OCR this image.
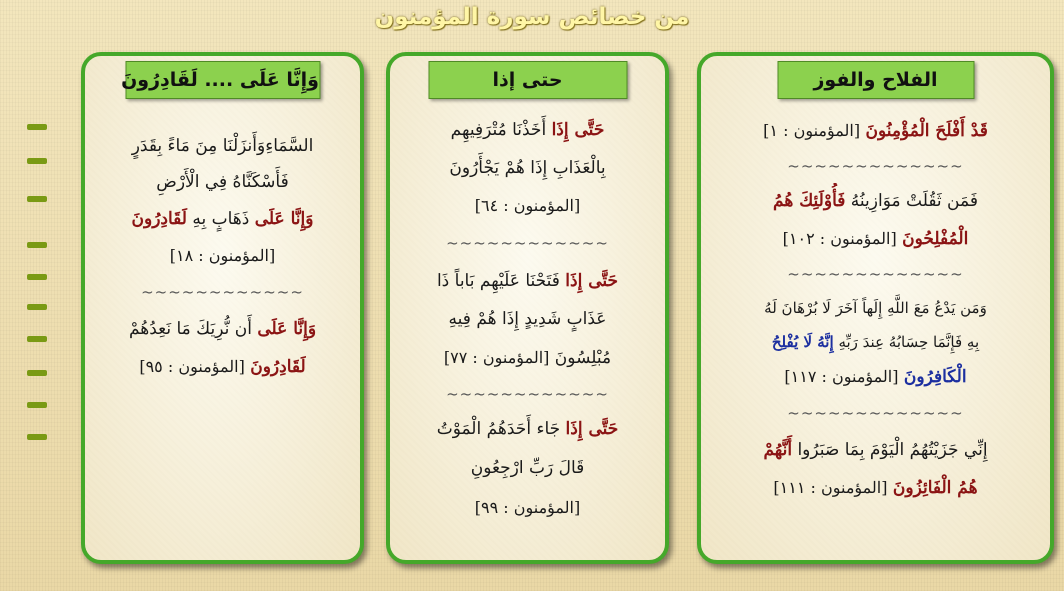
من خصائص سورة المؤمنون
الفلاح والفوز
قَدْ أَفْلَحَ الْمُؤْمِنُونَ [المؤمنون : ١]
~~~~~~~~~~~~~
فَمَن ثَقُلَتْ مَوَازِينُهُ فَأُوْلَئِكَ هُمُ
الْمُفْلِحُونَ [المؤمنون : ١٠٢]
~~~~~~~~~~~~~
وَمَن يَدْعُ مَعَ اللَّهِ إِلَهاً آخَرَ لَا بُرْهَانَ لَهُ
بِهِ فَإِنَّمَا حِسَابُهُ عِندَ رَبِّهِ إِنَّهُ لَا يُفْلِحُ
الْكَافِرُونَ [المؤمنون : ١١٧]
~~~~~~~~~~~~~
إِنِّي جَزَيْتُهُمُ الْيَوْمَ بِمَا صَبَرُوا أَنَّهُمْ
هُمُ الْفَائِزُونَ [المؤمنون : ١١١]
حتى إذا
حَتَّى إِذَا أَخَذْنَا مُتْرَفِيهِم
بِالْعَذَابِ إِذَا هُمْ يَجْأَرُونَ
[المؤمنون : ٦٤]
~~~~~~~~~~~~
حَتَّى إِذَا فَتَحْنَا عَلَيْهِم بَاباً ذَا
عَذَابٍ شَدِيدٍ إِذَا هُمْ فِيهِ
مُبْلِسُونَ [المؤمنون : ٧٧]
~~~~~~~~~~~~
حَتَّى إِذَا جَاء أَحَدَهُمُ الْمَوْتُ
قَالَ رَبِّ ارْجِعُونِ
[المؤمنون : ٩٩]
وَإِنَّا عَلَى .... لَقَادِرُونَ
السَّمَاءِوَأَنزَلْنَا مِنَ مَاءً بِقَدَرٍ
فَأَسْكَنَّاهُ فِي الْأَرْضِ
وَإِنَّا عَلَى ذَهَابٍ بِهِ لَقَادِرُونَ
[المؤمنون : ١٨]
~~~~~~~~~~~~
وَإِنَّا عَلَى أَن نُّرِيَكَ مَا نَعِدُهُمْ
لَقَادِرُونَ [المؤمنون : ٩٥]
